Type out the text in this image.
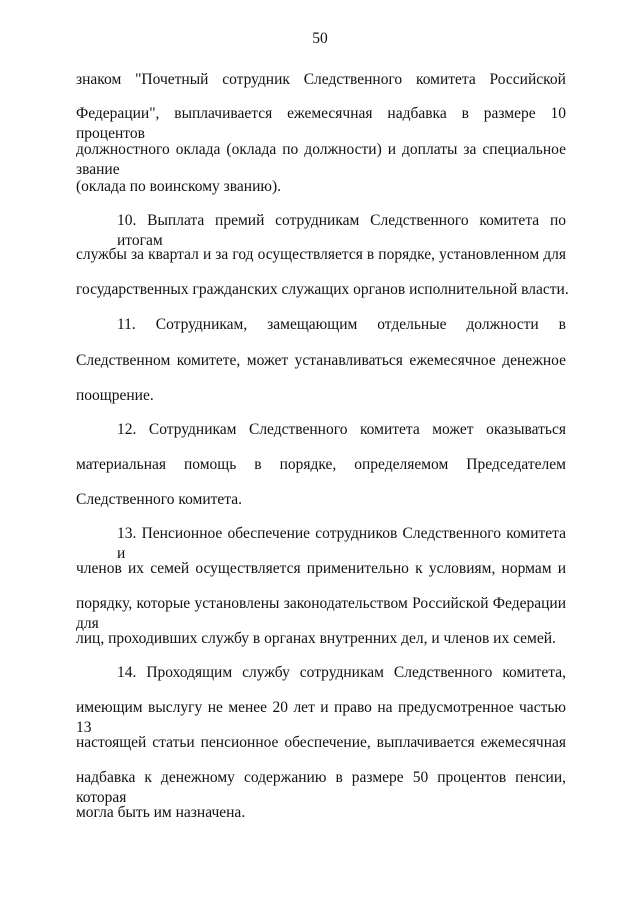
50
знаком "Почетный сотрудник Следственного комитета Российской
Федерации", выплачивается ежемесячная надбавка в размере 10 процентов
должностного оклада (оклада по должности) и доплаты за специальное звание
(оклада по воинскому званию).
10. Выплата премий сотрудникам Следственного комитета по итогам
службы за квартал и за год осуществляется в порядке, установленном для
государственных гражданских служащих органов исполнительной власти.
11. Сотрудникам, замещающим отдельные должности в
Следственном комитете, может устанавливаться ежемесячное денежное
поощрение.
12. Сотрудникам Следственного комитета может оказываться
материальная помощь в порядке, определяемом Председателем
Следственного комитета.
13. Пенсионное обеспечение сотрудников Следственного комитета и
членов их семей осуществляется применительно к условиям, нормам и
порядку, которые установлены законодательством Российской Федерации для
лиц, проходивших службу в органах внутренних дел, и членов их семей.
14. Проходящим службу сотрудникам Следственного комитета,
имеющим выслугу не менее 20 лет и право на предусмотренное частью 13
настоящей статьи пенсионное обеспечение, выплачивается ежемесячная
надбавка к денежному содержанию в размере 50 процентов пенсии, которая
могла быть им назначена.
